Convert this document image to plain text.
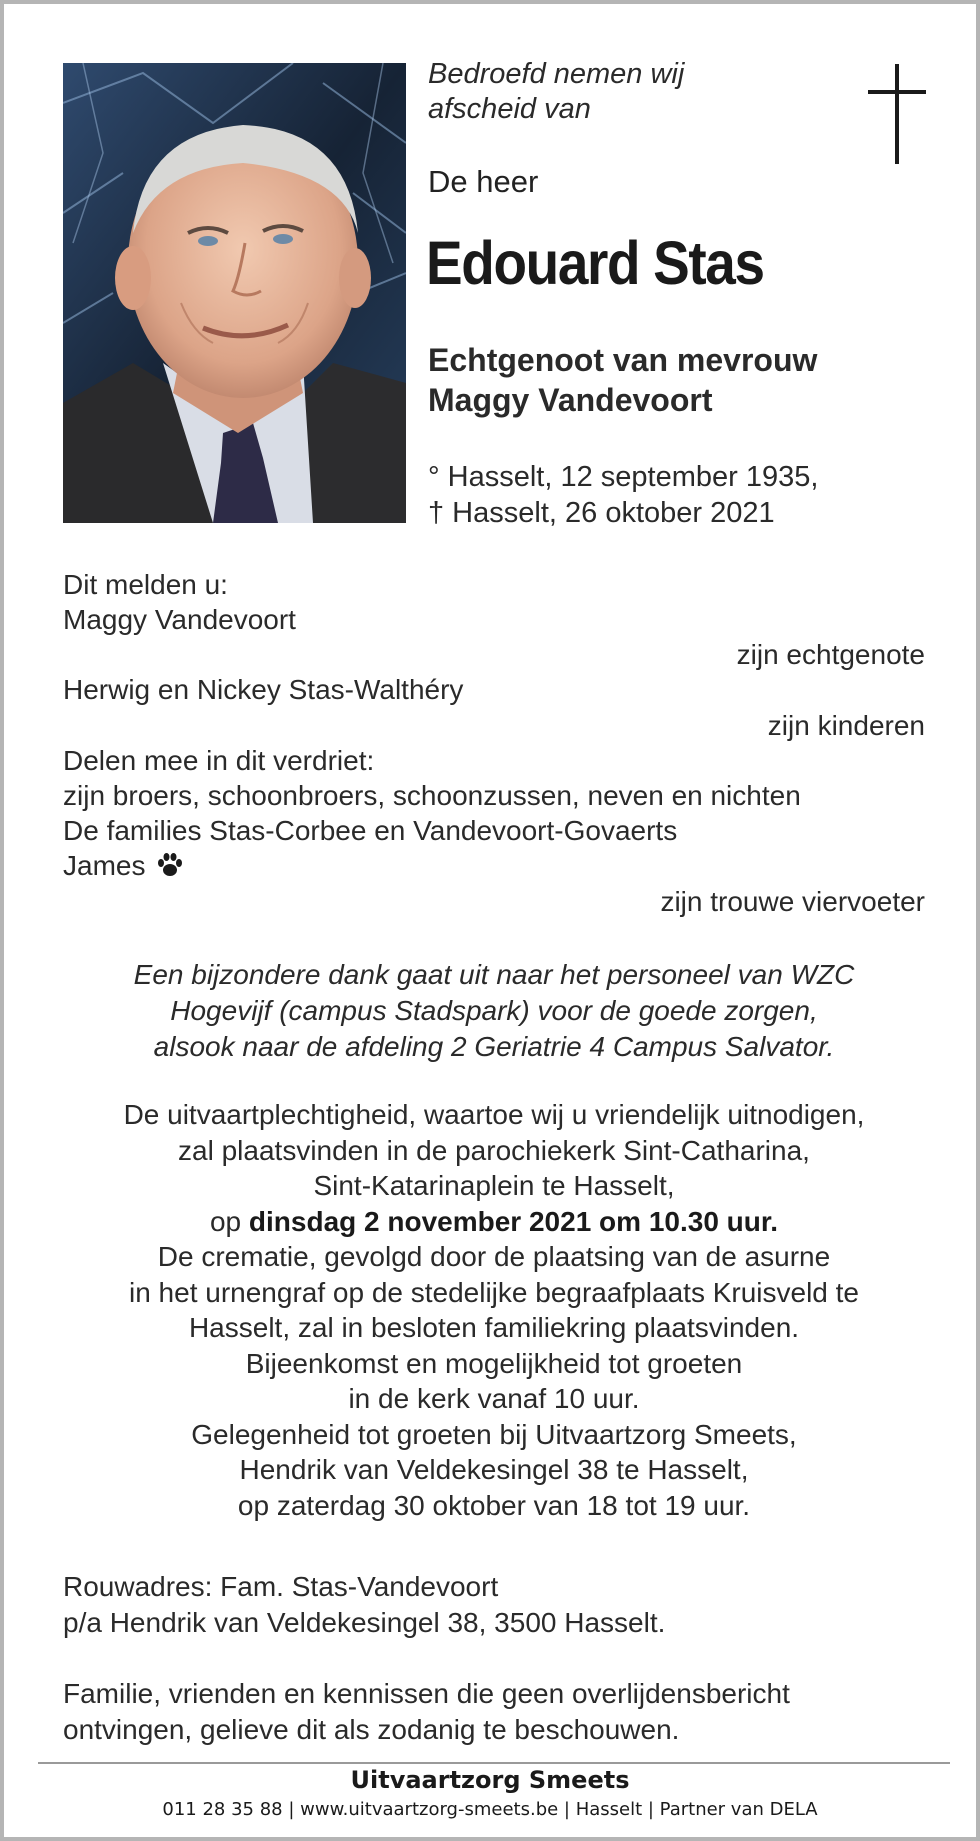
Bedroefd nemen wij
afscheid van
De heer
Edouard Stas
Echtgenoot van mevrouw
Maggy Vandevoort
° Hasselt, 12 september 1935,
† Hasselt, 26 oktober 2021
Dit melden u:
Maggy Vandevoort
zijn echtgenote
Herwig en Nickey Stas-Walthéry
zijn kinderen
Delen mee in dit verdriet:
zijn broers, schoonbroers, schoonzussen, neven en nichten
De families Stas-Corbee en Vandevoort-Govaerts
James
zijn trouwe viervoeter
Een bijzondere dank gaat uit naar het personeel van WZC
Hogevijf (campus Stadspark) voor de goede zorgen,
alsook naar de afdeling 2 Geriatrie 4 Campus Salvator.
De uitvaartplechtigheid, waartoe wij u vriendelijk uitnodigen,
zal plaatsvinden in de parochiekerk Sint-Catharina,
Sint-Katarinaplein te Hasselt,
op dinsdag 2 november 2021 om 10.30 uur.
De crematie, gevolgd door de plaatsing van de asurne
in het urnengraf op de stedelijke begraafplaats Kruisveld te
Hasselt, zal in besloten familiekring plaatsvinden.
Bijeenkomst en mogelijkheid tot groeten
in de kerk vanaf 10 uur.
Gelegenheid tot groeten bij Uitvaartzorg Smeets,
Hendrik van Veldekesingel 38 te Hasselt,
op zaterdag 30 oktober van 18 tot 19 uur.
Rouwadres: Fam. Stas-Vandevoort
p/a Hendrik van Veldekesingel 38, 3500 Hasselt.
Familie, vrienden en kennissen die geen overlijdensbericht
ontvingen, gelieve dit als zodanig te beschouwen.
Uitvaartzorg Smeets
011 28 35 88 | www.uitvaartzorg-smeets.be | Hasselt | Partner van DELA
